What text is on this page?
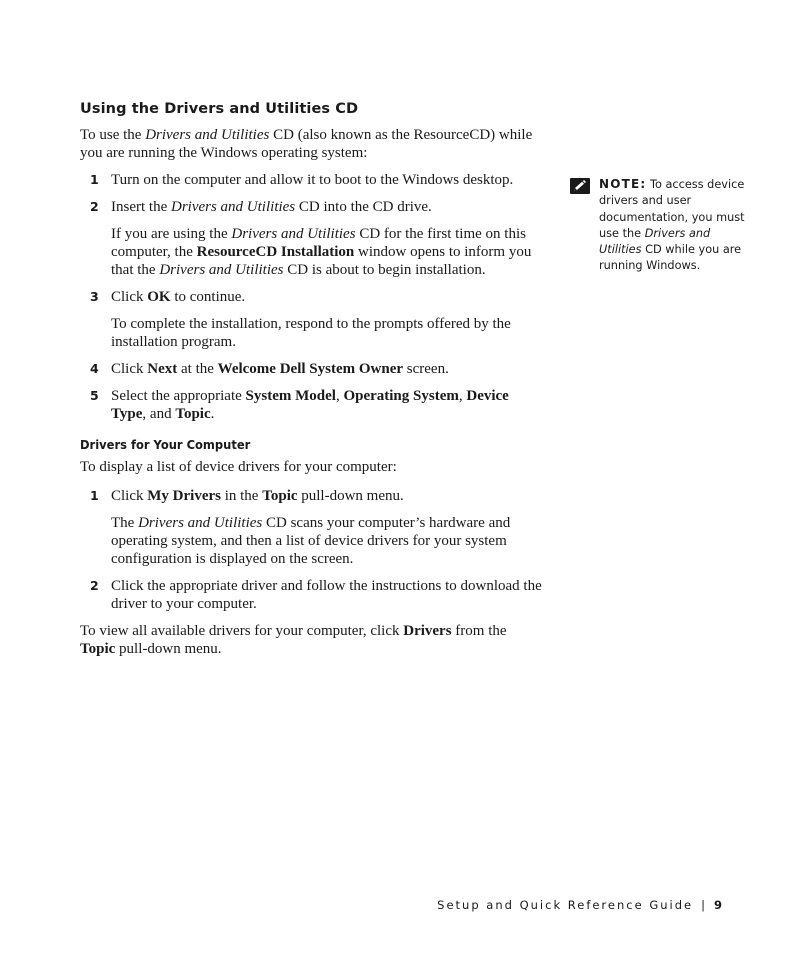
Using the Drivers and Utilities CD

To use the Drivers and Utilities CD (also known as the ResourceCD) while you are running the Windows operating system:

1 Turn on the computer and allow it to boot to the Windows desktop.

2 Insert the Drivers and Utilities CD into the CD drive.

If you are using the Drivers and Utilities CD for the first time on this computer, the ResourceCD Installation window opens to inform you that the Drivers and Utilities CD is about to begin installation.

3 Click OK to continue.

To complete the installation, respond to the prompts offered by the installation program.

4 Click Next at the Welcome Dell System Owner screen.

5 Select the appropriate System Model, Operating System, Device Type, and Topic.

Drivers for Your Computer

To display a list of device drivers for your computer:

1 Click My Drivers in the Topic pull-down menu.

The Drivers and Utilities CD scans your computer’s hardware and operating system, and then a list of device drivers for your system configuration is displayed on the screen.

2 Click the appropriate driver and follow the instructions to download the driver to your computer.

To view all available drivers for your computer, click Drivers from the Topic pull-down menu.

NOTE: To access device drivers and user documentation, you must use the Drivers and Utilities CD while you are running Windows.
Setup and Quick Reference Guide | 9
